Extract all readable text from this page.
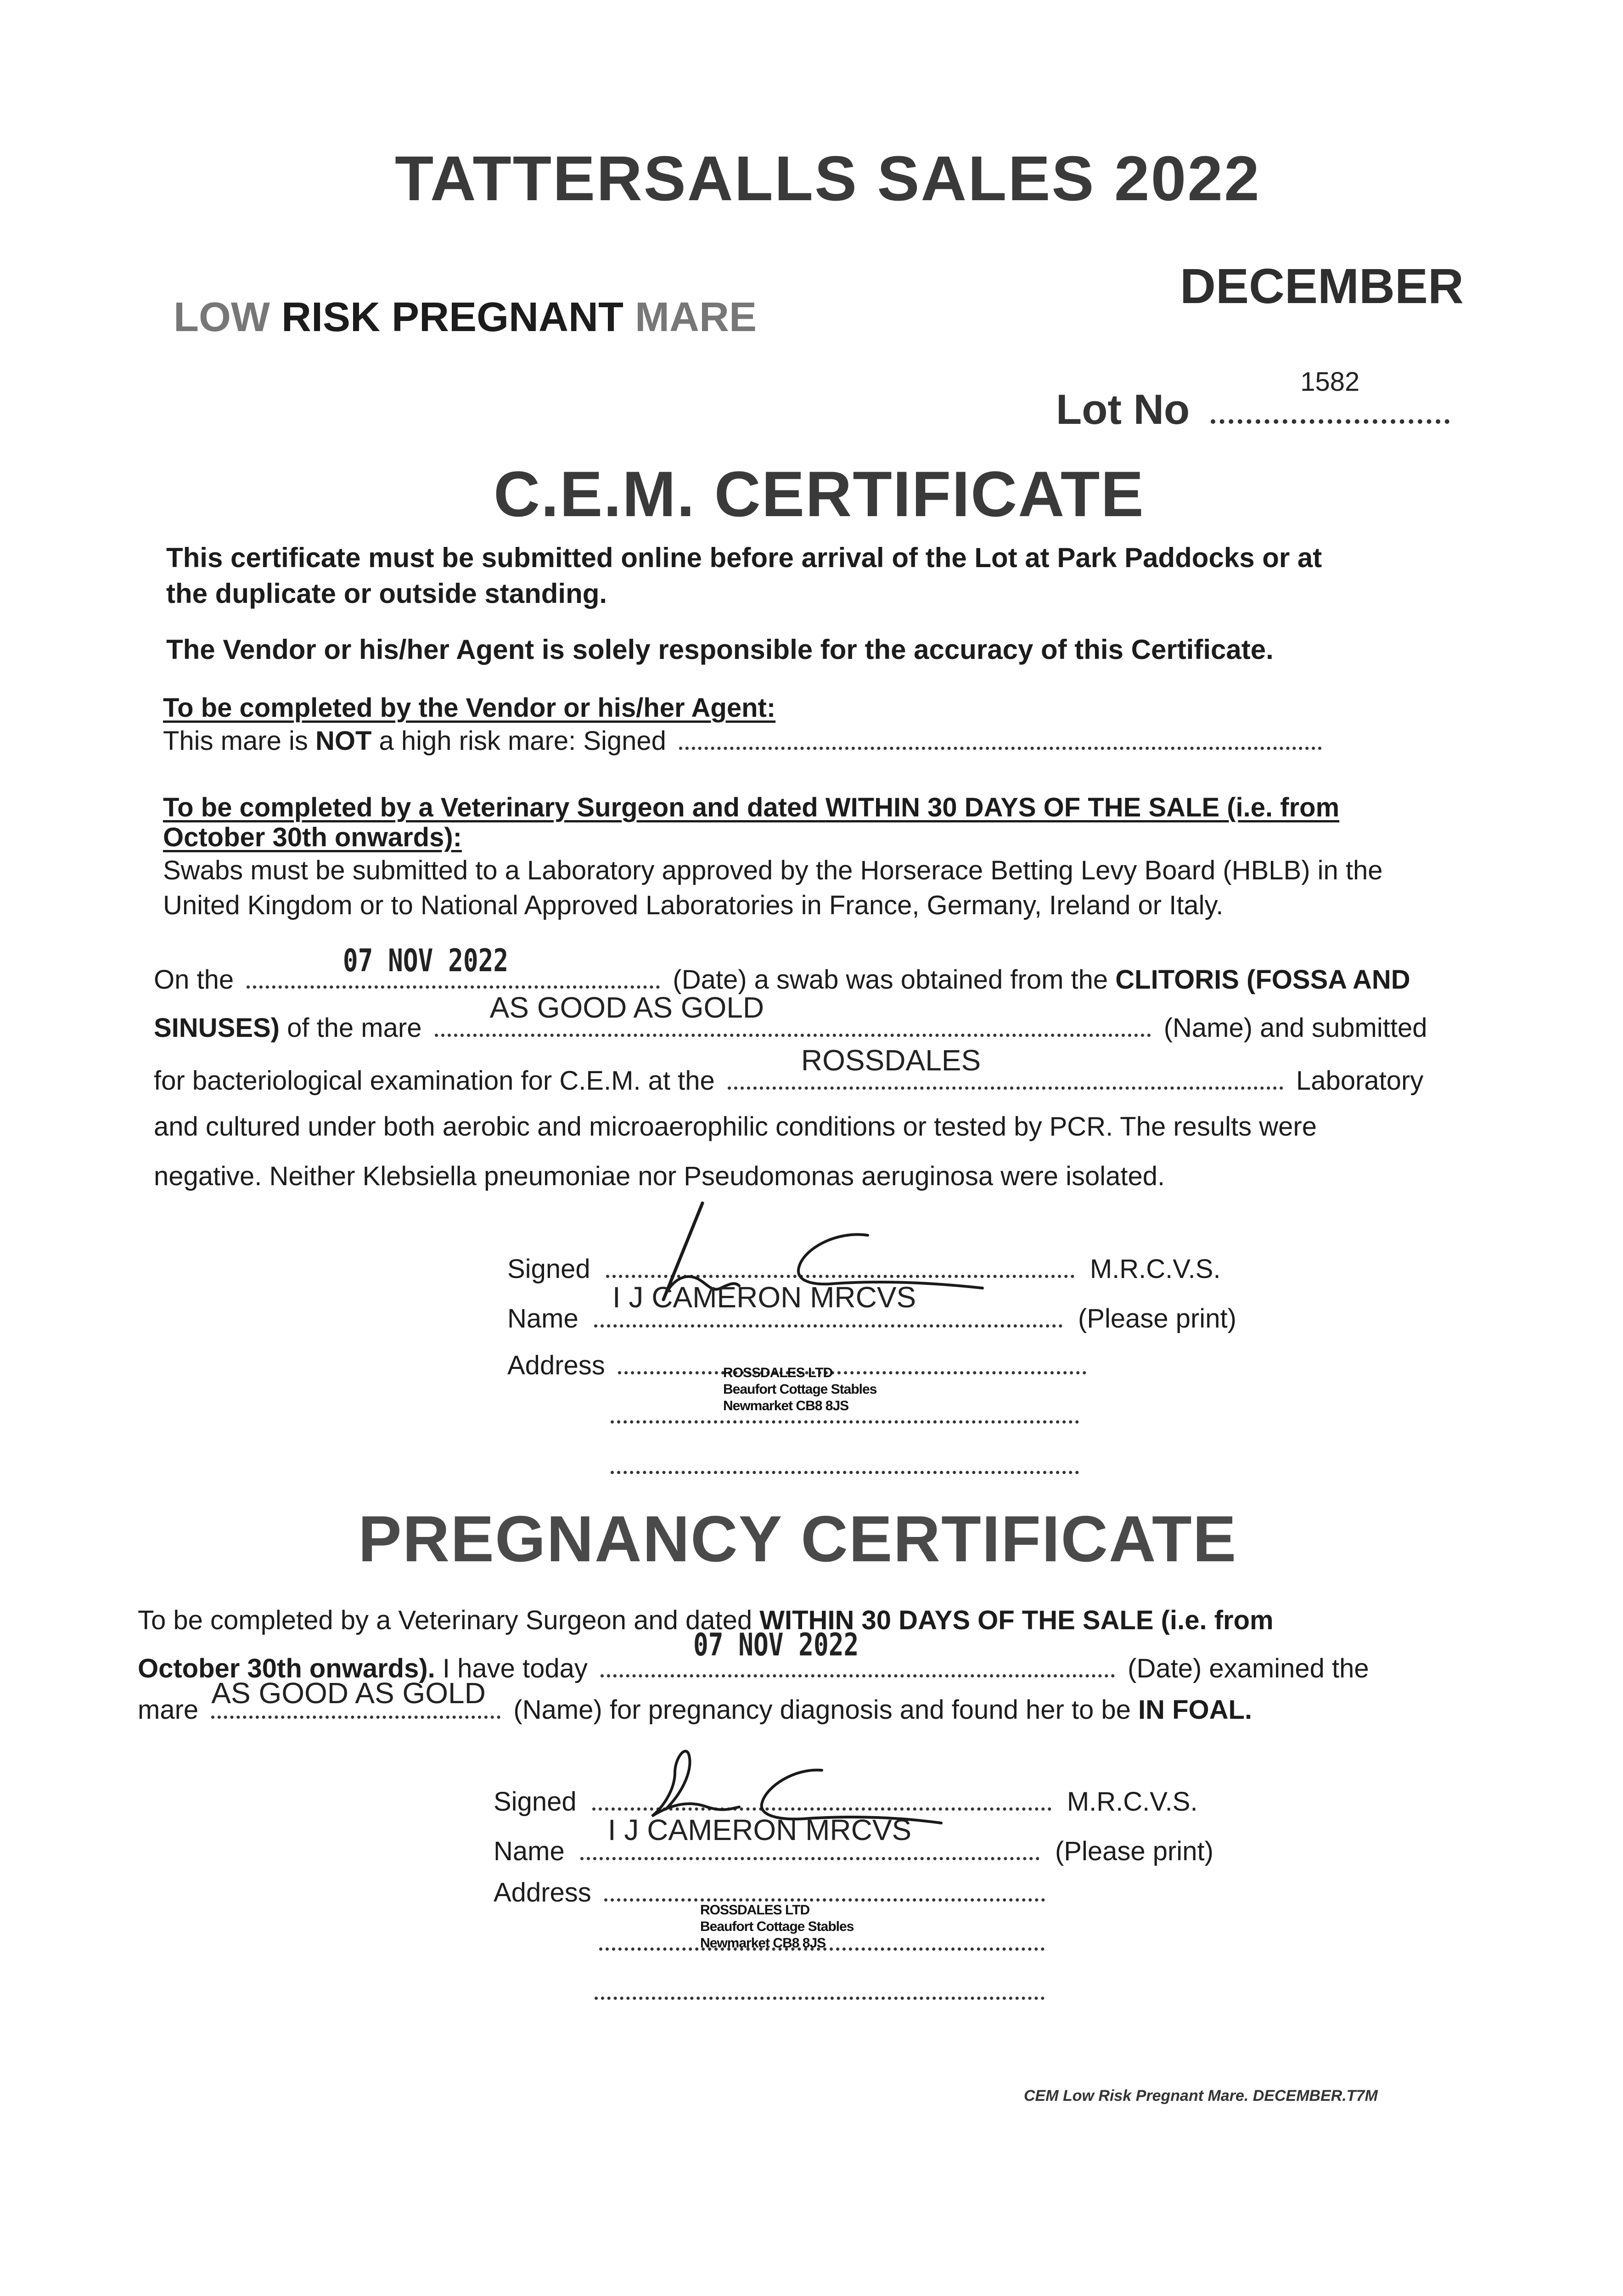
TATTERSALLS SALES 2022
DECEMBER
LOW RISK PREGNANT MARE
Lot No
1582
C.E.M. CERTIFICATE
This certificate must be submitted online before arrival of the Lot at Park Paddocks or at
the duplicate or outside standing.
The Vendor or his/her Agent is solely responsible for the accuracy of this Certificate.
To be completed by the Vendor or his/her Agent:
This mare is NOT a high risk mare: Signed
To be completed by a Veterinary Surgeon and dated WITHIN 30 DAYS OF THE SALE (i.e. from
October 30th onwards):
Swabs must be submitted to a Laboratory approved by the Horserace Betting Levy Board (HBLB) in the
United Kingdom or to National Approved Laboratories in France, Germany, Ireland or Italy.
On the
07 NOV 2022
(Date) a swab was obtained from the CLITORIS (FOSSA AND
SINUSES) of the mare
AS GOOD AS GOLD
(Name) and submitted
for bacteriological examination for C.E.M. at the
ROSSDALES
Laboratory
and cultured under both aerobic and microaerophilic conditions or tested by PCR. The results were
negative. Neither Klebsiella pneumoniae nor Pseudomonas aeruginosa were isolated.
Signed	M.R.C.V.S.
Name
I J CAMERON MRCVS
(Please print)
Address	ROSSDALES LTD
Beaufort Cottage Stables
Newmarket CB8 8JS
PREGNANCY CERTIFICATE
To be completed by a Veterinary Surgeon and dated WITHIN 30 DAYS OF THE SALE (i.e. from
October 30th onwards). I have today
07 NOV 2022
(Date) examined the
mare
AS GOOD AS GOLD
(Name) for pregnancy diagnosis and found her to be IN FOAL.
Signed	M.R.C.V.S.
Name
I J CAMERON MRCVS
(Please print)
Address
ROSSDALES LTD
Beaufort Cottage Stables
Newmarket CB8 8JS
CEM Low Risk Pregnant Mare. DECEMBER.T7M
